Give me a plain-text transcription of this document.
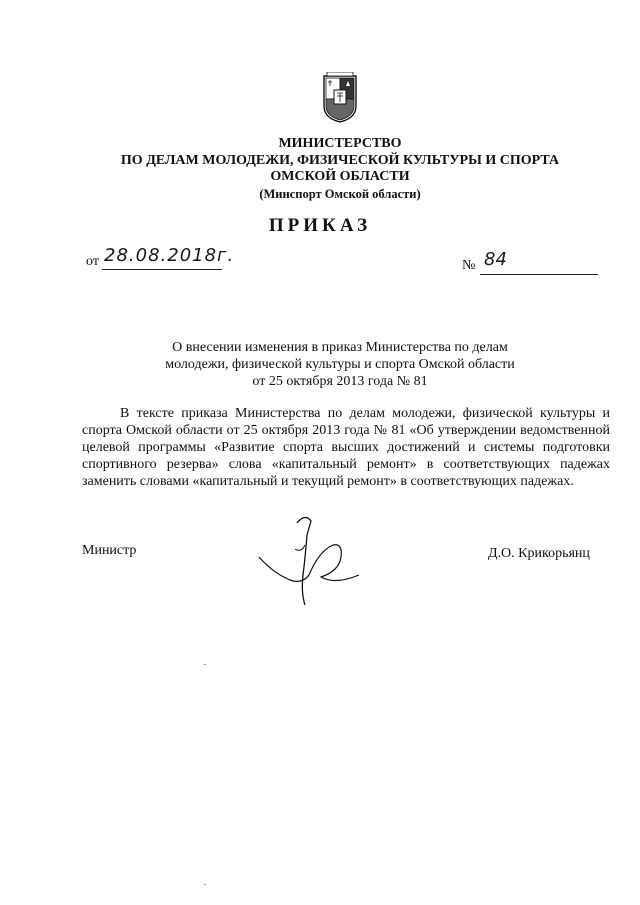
МИНИСТЕРСТВО
ПО ДЕЛАМ МОЛОДЕЖИ, ФИЗИЧЕСКОЙ КУЛЬТУРЫ И СПОРТА
ОМСКОЙ ОБЛАСТИ
(Минспорт Омской области)
ПРИКАЗ
от 28.08.2018г.	№ 84
О внесении изменения в приказ Министерства по делам
молодежи, физической культуры и спорта Омской области
от 25 октября 2013 года № 81
В тексте приказа Министерства по делам молодежи, физической культуры и спорта Омской области от 25 октября 2013 года № 81 «Об утверждении ведомственной целевой программы «Развитие спорта высших достижений и системы подготовки спортивного резерва» слова «капитальный ремонт» в соответствующих падежах заменить словами «капитальный и текущий ремонт» в соответствующих падежах.
Министр	Д.О. Крикорьянц
